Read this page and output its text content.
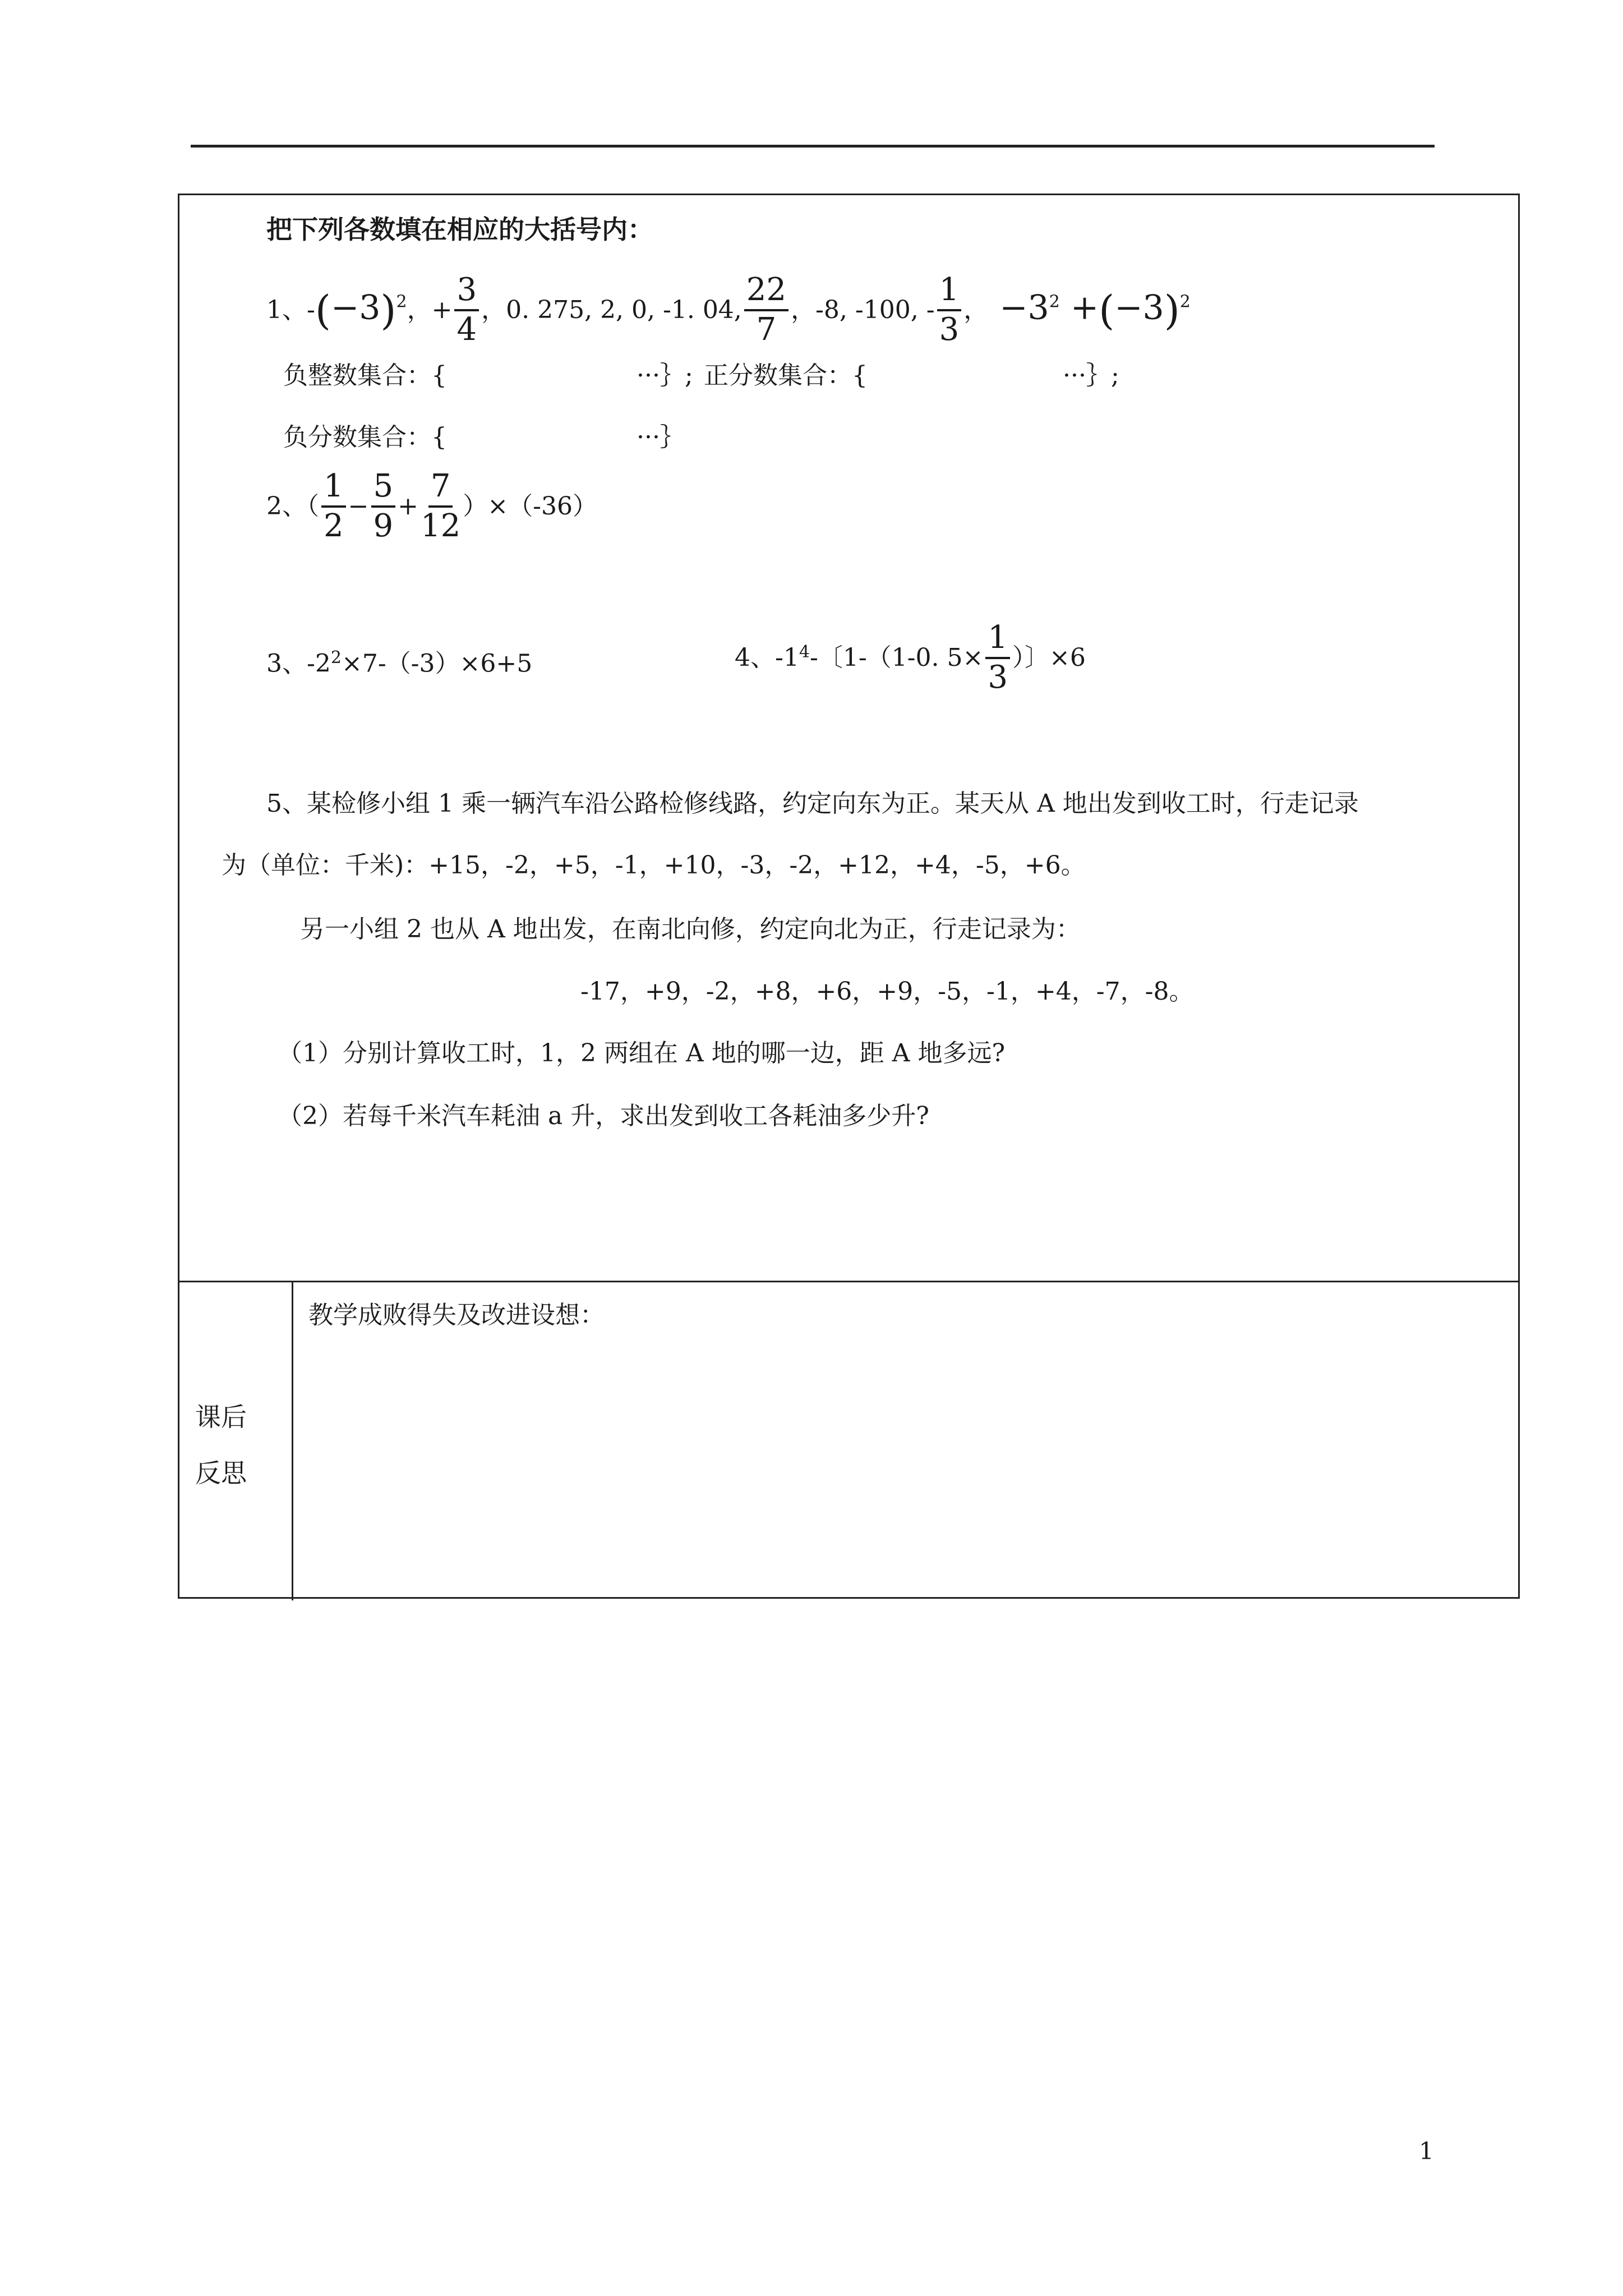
把下列各数填在相应的大括号内：
1、 - $(-3)^2$ ，+ $\frac{3}{4}$ ，0. 275, 2, 0, -1. 04, $\frac{22}{7}$ ，-8, -100, - $\frac{1}{3}$ ， $-3^2 +(-3)^2$
负整数集合：{	···｝; 正分数集合：{	···｝;
负分数集合：{	···｝
2、（ $\frac{1}{2} - \frac{5}{9} + \frac{7}{12} )\times(-36)$
3、$-2^2\times 7-(-3)\times 6+5$	4、$-1^4$ -〔1-（1-0. $5\times \frac{1}{3}$ ）〕×6
5、某检修小组 1 乘一辆汽车沿公路检修线路，约定向东为正。某天从 A 地出发到收工时，行走记录
为（单位：千米)：+15，-2，+5，-1，+10，-3，-2，+12，+4，-5，+6。
另一小组 2 也从 A 地出发，在南北向修，约定向北为正，行走记录为：
-17，+9，-2，+8，+6，+9，-5，-1，+4，-7，-8。
（1）分别计算收工时，1，2 两组在 A 地的哪一边，距 A 地多远?
（2）若每千米汽车耗油 a 升，求出发到收工各耗油多少升?
课后
反思
教学成败得失及改进设想：
1
